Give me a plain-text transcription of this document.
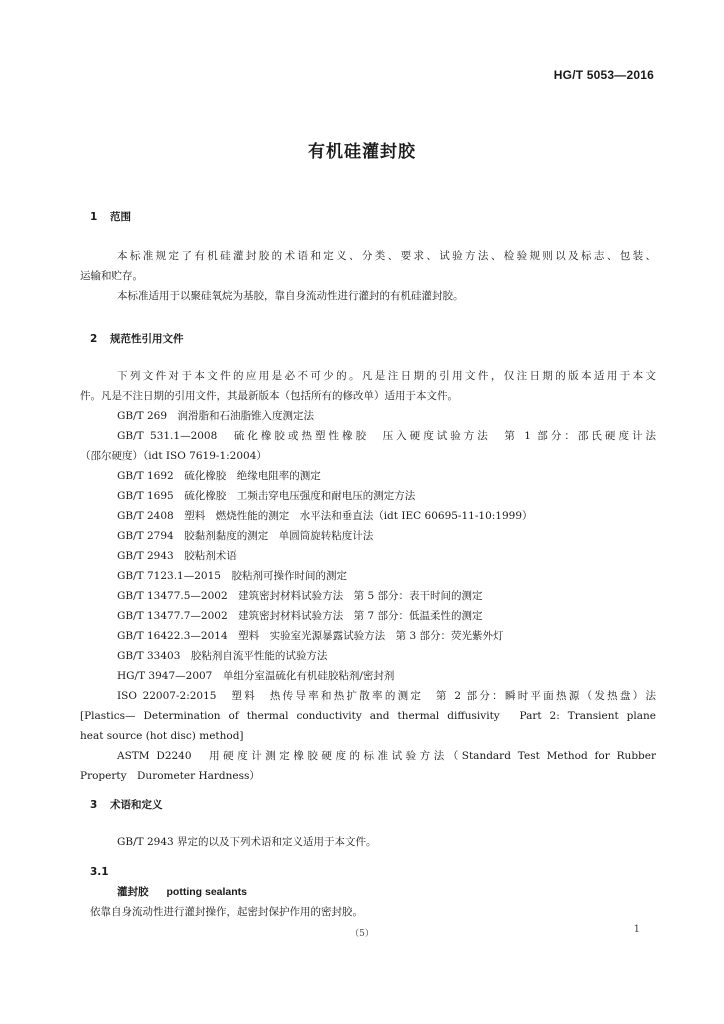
HG/T 5053—2016
有机硅灌封胶
1 范围
本标准规定了有机硅灌封胶的术语和定义、分类、要求、试验方法、检验规则以及标志、包装、
运输和贮存。
本标准适用于以聚硅氧烷为基胶，靠自身流动性进行灌封的有机硅灌封胶。
2 规范性引用文件
下列文件对于本文件的应用是必不可少的。凡是注日期的引用文件，仅注日期的版本适用于本文
件。凡是不注日期的引用文件，其最新版本（包括所有的修改单）适用于本文件。
GB/T 269　润滑脂和石油脂锥入度测定法
GB/T 531.1—2008　硫化橡胶或热塑性橡胶　压入硬度试验方法　第 1 部分：邵氏硬度计法
（邵尔硬度）（idt ISO 7619-1:2004）
GB/T 1692　硫化橡胶　绝缘电阻率的测定
GB/T 1695　硫化橡胶　工频击穿电压强度和耐电压的测定方法
GB/T 2408　塑料　燃烧性能的测定　水平法和垂直法（idt IEC 60695-11-10:1999）
GB/T 2794　胶黏剂黏度的测定　单圆筒旋转粘度计法
GB/T 2943　胶粘剂术语
GB/T 7123.1—2015　胶粘剂可操作时间的测定
GB/T 13477.5—2002　建筑密封材料试验方法　第 5 部分：表干时间的测定
GB/T 13477.7—2002　建筑密封材料试验方法　第 7 部分：低温柔性的测定
GB/T 16422.3—2014　塑料　实验室光源暴露试验方法　第 3 部分：荧光紫外灯
GB/T 33403　胶粘剂自流平性能的试验方法
HG/T 3947—2007　单组分室温硫化有机硅胶粘剂/密封剂
ISO 22007-2:2015　塑料　热传导率和热扩散率的测定　第 2 部分：瞬时平面热源（发热盘）法
[Plastics— Determination of thermal conductivity and thermal diffusivity　Part 2: Transient plane
heat source (hot disc) method]
ASTM D2240　用硬度计测定橡胶硬度的标准试验方法（Standard Test Method for Rubber
Property　Durometer Hardness）
3 术语和定义
GB/T 2943 界定的以及下列术语和定义适用于本文件。
3.1
灌封胶 potting sealants
依靠自身流动性进行灌封操作，起密封保护作用的密封胶。
（5）	1
